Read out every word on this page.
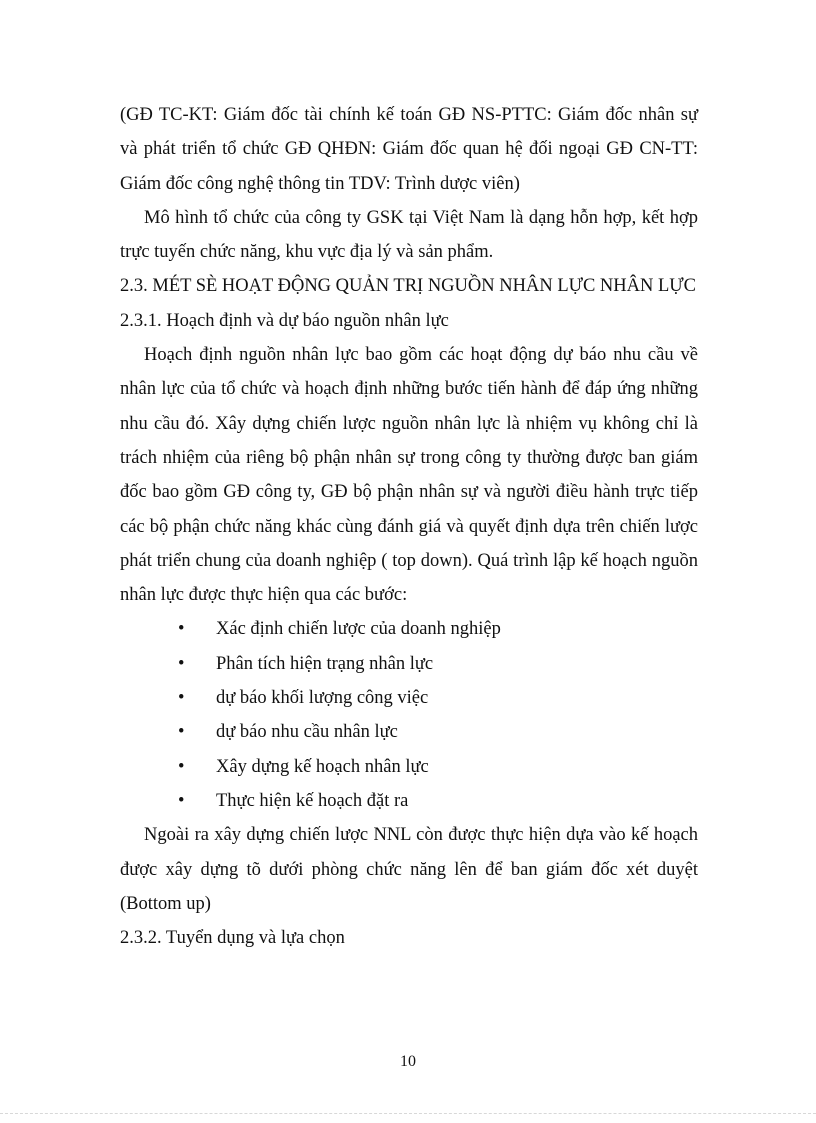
(GĐ TC-KT: Giám đốc tài chính kế toán GĐ NS-PTTC: Giám đốc nhân sự và phát triển tổ chức GĐ QHĐN: Giám đốc quan hệ đối ngoại GĐ CN-TT: Giám đốc công nghệ thông tin TDV: Trình dược viên)

Mô hình tổ chức của công ty GSK tại Việt Nam là dạng hỗn hợp, kết hợp trực tuyến chức năng, khu vực địa lý và sản phẩm.

2.3. MÉT SÈ HOẠT ĐỘNG QUẢN TRỊ NGUỒN NHÂN LỰC NHÂN LỰC

2.3.1. Hoạch định và dự báo nguồn nhân lực

Hoạch định nguồn nhân lực bao gồm các hoạt động dự báo nhu cầu về nhân lực của tổ chức và hoạch định những bước tiến hành để đáp ứng những nhu cầu đó. Xây dựng chiến lược nguồn nhân lực là nhiệm vụ không chỉ là trách nhiệm của riêng bộ phận nhân sự trong công ty thường được ban giám đốc bao gồm GĐ công ty, GĐ bộ phận nhân sự và người điều hành trực tiếp các bộ phận chức năng khác cùng đánh giá và quyết định dựa trên chiến lược phát triển chung của doanh nghiệp ( top down). Quá trình lập kế hoạch nguồn nhân lực được thực hiện qua các bước:

• Xác định chiến lược của doanh nghiệp
• Phân tích hiện trạng nhân lực
• dự báo khối lượng công việc
• dự báo nhu cầu nhân lực
• Xây dựng kế hoạch nhân lực
• Thực hiện kế hoạch đặt ra

Ngoài ra xây dựng chiến lược NNL còn được thực hiện dựa vào kế hoạch được xây dựng tõ dưới phòng chức năng lên để ban giám đốc xét duyệt (Bottom up)

2.3.2. Tuyển dụng và lựa chọn

10
